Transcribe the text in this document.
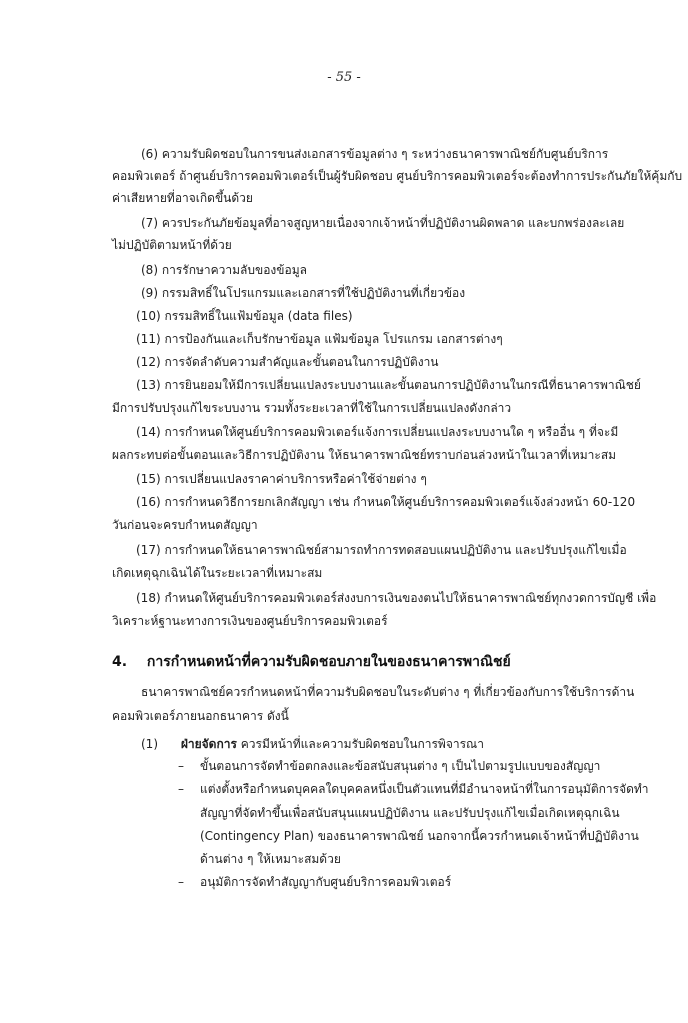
- 55 -
(6) ความรับผิดชอบในการขนส่งเอกสารข้อมูลต่าง ๆ ระหว่างธนาคารพาณิชย์กับศูนย์บริการ
คอมพิวเตอร์ ถ้าศูนย์บริการคอมพิวเตอร์เป็นผู้รับผิดชอบ ศูนย์บริการคอมพิวเตอร์จะต้องทำการประกันภัยให้คุ้มกับ
ค่าเสียหายที่อาจเกิดขึ้นด้วย
(7) ควรประกันภัยข้อมูลที่อาจสูญหายเนื่องจากเจ้าหน้าที่ปฏิบัติงานผิดพลาด และบกพร่องละเลย
ไม่ปฏิบัติตามหน้าที่ด้วย
(8) การรักษาความลับของข้อมูล
(9) กรรมสิทธิ์ในโปรแกรมและเอกสารที่ใช้ปฏิบัติงานที่เกี่ยวข้อง
(10) กรรมสิทธิ์ในแฟ้มข้อมูล (data files)
(11) การป้องกันและเก็บรักษาข้อมูล แฟ้มข้อมูล โปรแกรม เอกสารต่างๆ
(12) การจัดลำดับความสำคัญและขั้นตอนในการปฏิบัติงาน
(13) การยินยอมให้มีการเปลี่ยนแปลงระบบงานและขั้นตอนการปฏิบัติงานในกรณีที่ธนาคารพาณิชย์
มีการปรับปรุงแก้ไขระบบงาน รวมทั้งระยะเวลาที่ใช้ในการเปลี่ยนแปลงดังกล่าว
(14) การกำหนดให้ศูนย์บริการคอมพิวเตอร์แจ้งการเปลี่ยนแปลงระบบงานใด ๆ หรืออื่น ๆ ที่จะมี
ผลกระทบต่อขั้นตอนและวิธีการปฏิบัติงาน ให้ธนาคารพาณิชย์ทราบก่อนล่วงหน้าในเวลาที่เหมาะสม
(15) การเปลี่ยนแปลงราคาค่าบริการหรือค่าใช้จ่ายต่าง ๆ
(16) การกำหนดวิธีการยกเลิกสัญญา เช่น กำหนดให้ศูนย์บริการคอมพิวเตอร์แจ้งล่วงหน้า 60-120
วันก่อนจะครบกำหนดสัญญา
(17) การกำหนดให้ธนาคารพาณิชย์สามารถทำการทดสอบแผนปฏิบัติงาน และปรับปรุงแก้ไขเมื่อ
เกิดเหตุฉุกเฉินได้ในระยะเวลาที่เหมาะสม
(18) กำหนดให้ศูนย์บริการคอมพิวเตอร์ส่งงบการเงินของตนไปให้ธนาคารพาณิชย์ทุกงวดการบัญชี เพื่อ
วิเคราะห์ฐานะทางการเงินของศูนย์บริการคอมพิวเตอร์
4. การกำหนดหน้าที่ความรับผิดชอบภายในของธนาคารพาณิชย์
ธนาคารพาณิชย์ควรกำหนดหน้าที่ความรับผิดชอบในระดับต่าง ๆ ที่เกี่ยวข้องกับการใช้บริการด้าน
คอมพิวเตอร์ภายนอกธนาคาร ดังนี้
(1) ฝ่ายจัดการ ควรมีหน้าที่และความรับผิดชอบในการพิจารณา
– ขั้นตอนการจัดทำข้อตกลงและข้อสนับสนุนต่าง ๆ เป็นไปตามรูปแบบของสัญญา
– แต่งตั้งหรือกำหนดบุคคลใดบุคคลหนึ่งเป็นตัวแทนที่มีอำนาจหน้าที่ในการอนุมัติการจัดทำ
สัญญาที่จัดทำขึ้นเพื่อสนับสนุนแผนปฏิบัติงาน และปรับปรุงแก้ไขเมื่อเกิดเหตุฉุกเฉิน
(Contingency Plan) ของธนาคารพาณิชย์ นอกจากนี้ควรกำหนดเจ้าหน้าที่ปฏิบัติงาน
ด้านต่าง ๆ ให้เหมาะสมด้วย
– อนุมัติการจัดทำสัญญากับศูนย์บริการคอมพิวเตอร์
